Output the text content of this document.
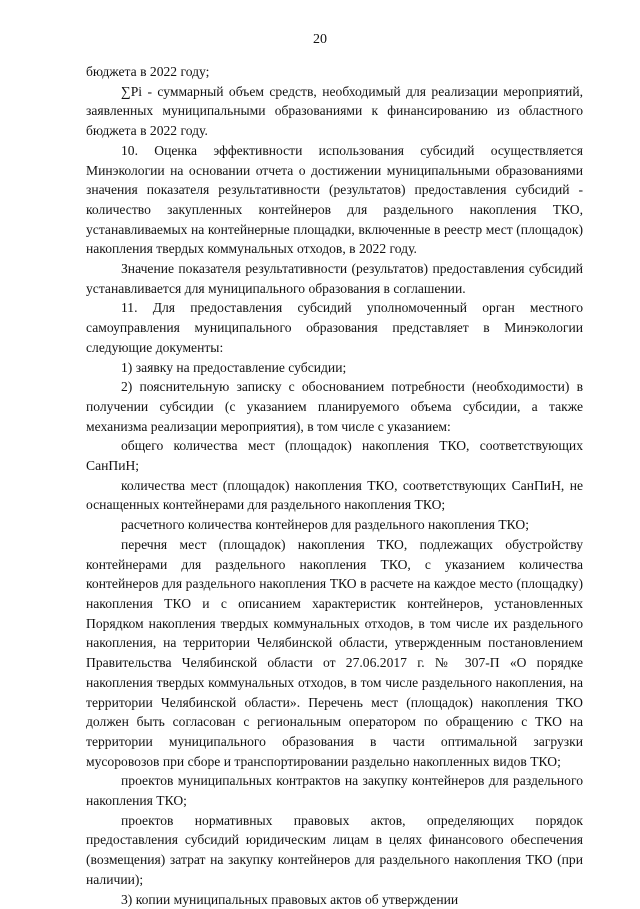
20

бюджета в 2022 году;

∑Pi - суммарный объем средств, необходимый для реализации мероприятий, заявленных муниципальными образованиями к финансированию из областного бюджета в 2022 году.

10. Оценка эффективности использования субсидий осуществляется Минэкологии на основании отчета о достижении муниципальными образованиями значения показателя результативности (результатов) предоставления субсидий - количество закупленных контейнеров для раздельного накопления ТКО, устанавливаемых на контейнерные площадки, включенные в реестр мест (площадок) накопления твердых коммунальных отходов, в 2022 году.

Значение показателя результативности (результатов) предоставления субсидий устанавливается для муниципального образования в соглашении.

11. Для предоставления субсидий уполномоченный орган местного самоуправления муниципального образования представляет в Минэкологии следующие документы:

1) заявку на предоставление субсидии;

2) пояснительную записку с обоснованием потребности (необходимости) в получении субсидии (с указанием планируемого объема субсидии, а также механизма реализации мероприятия), в том числе с указанием:

общего количества мест (площадок) накопления ТКО, соответствующих СанПиН;

количества мест (площадок) накопления ТКО, соответствующих СанПиН, не оснащенных контейнерами для раздельного накопления ТКО;

расчетного количества контейнеров для раздельного накопления ТКО;

перечня мест (площадок) накопления ТКО, подлежащих обустройству контейнерами для раздельного накопления ТКО, с указанием количества контейнеров для раздельного накопления ТКО в расчете на каждое место (площадку) накопления ТКО и с описанием характеристик контейнеров, установленных Порядком накопления твердых коммунальных отходов, в том числе их раздельного накопления, на территории Челябинской области, утвержденным постановлением Правительства Челябинской области от 27.06.2017 г. № 307-П «О порядке накопления твердых коммунальных отходов, в том числе раздельного накопления, на территории Челябинской области». Перечень мест (площадок) накопления ТКО должен быть согласован с региональным оператором по обращению с ТКО на территории муниципального образования в части оптимальной загрузки мусоровозов при сборе и транспортировании раздельно накопленных видов ТКО;

проектов муниципальных контрактов на закупку контейнеров для раздельного накопления ТКО;

проектов нормативных правовых актов, определяющих порядок предоставления субсидий юридическим лицам в целях финансового обеспечения (возмещения) затрат на закупку контейнеров для раздельного накопления ТКО (при наличии);

3) копии муниципальных правовых актов об утверждении
